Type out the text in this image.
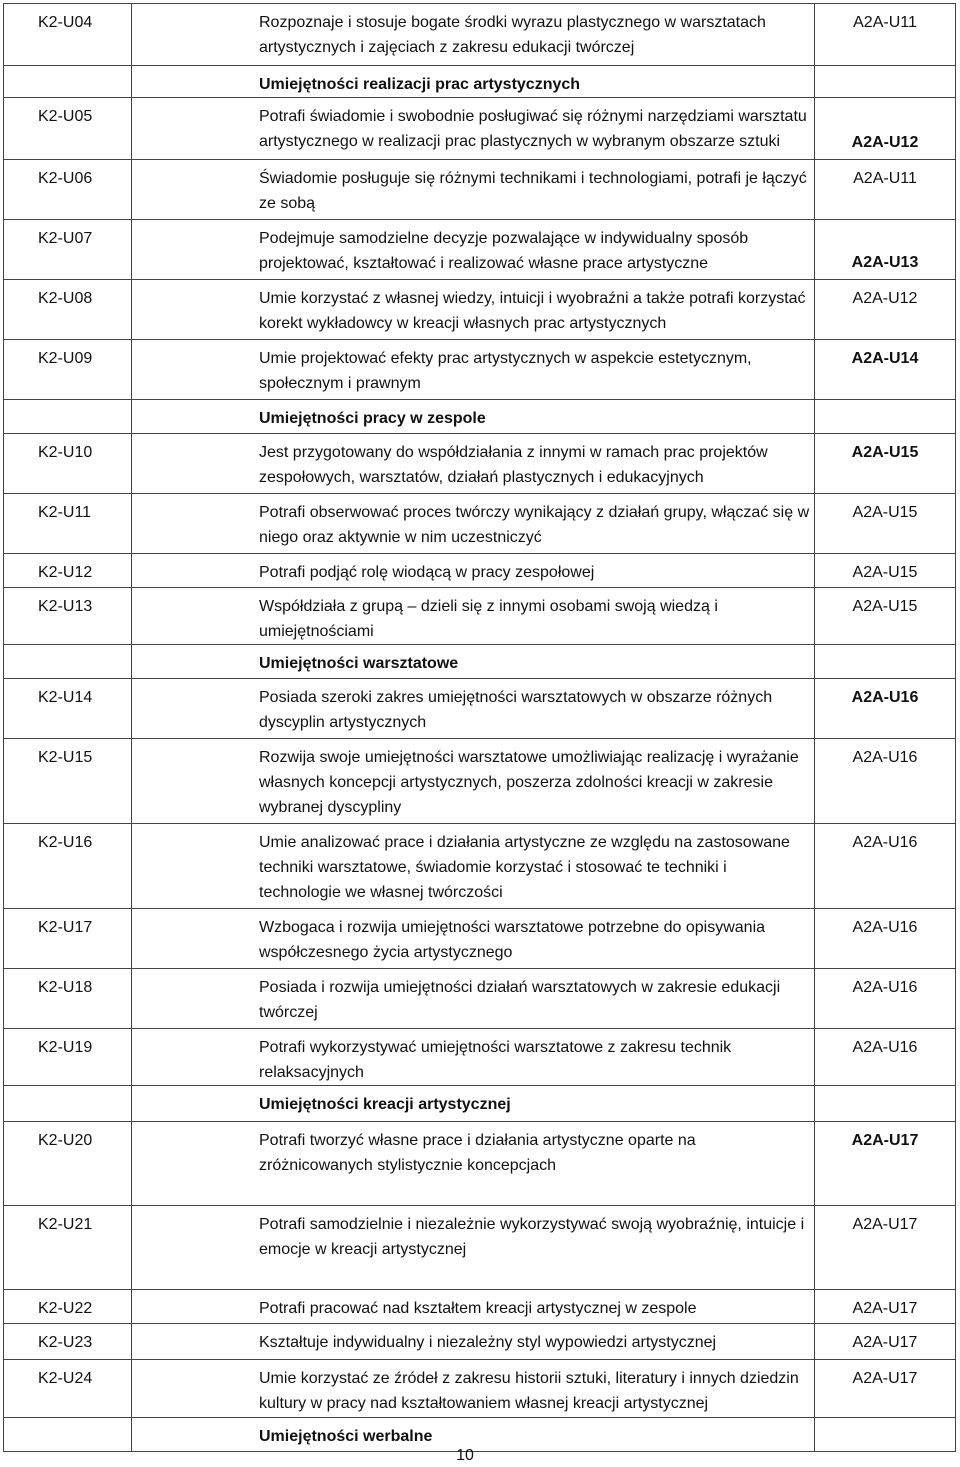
K2-U04	Rozpoznaje i stosuje bogate środki wyrazu plastycznego w warsztatach artystycznych i zajęciach z zakresu edukacji twórczej	A2A-U11
	Umiejętności realizacji prac artystycznych	
K2-U05	Potrafi świadomie i swobodnie posługiwać się różnymi narzędziami warsztatu artystycznego w realizacji prac plastycznych w wybranym obszarze sztuki	A2A-U12
K2-U06	Świadomie posługuje się różnymi technikami i technologiami, potrafi je łączyć ze sobą	A2A-U11
K2-U07	Podejmuje samodzielne decyzje pozwalające w indywidualny sposób projektować, kształtować i realizować własne prace artystyczne	A2A-U13
K2-U08	Umie korzystać z własnej wiedzy, intuicji i wyobraźni a także potrafi korzystać korekt wykładowcy w kreacji własnych prac artystycznych	A2A-U12
K2-U09	Umie projektować efekty prac artystycznych w aspekcie estetycznym, społecznym i prawnym	A2A-U14
	Umiejętności pracy w zespole	
K2-U10	Jest przygotowany do współdziałania z innymi w ramach prac projektów zespołowych, warsztatów, działań plastycznych i edukacyjnych	A2A-U15
K2-U11	Potrafi obserwować proces twórczy wynikający z działań grupy, włączać się w niego oraz aktywnie w nim uczestniczyć	A2A-U15
K2-U12	Potrafi podjąć rolę wiodącą w pracy zespołowej	A2A-U15
K2-U13	Współdziała z grupą – dzieli się z innymi osobami swoją wiedzą i umiejętnościami	A2A-U15
	Umiejętności warsztatowe	
K2-U14	Posiada szeroki zakres umiejętności warsztatowych w obszarze różnych dyscyplin artystycznych	A2A-U16
K2-U15	Rozwija swoje umiejętności warsztatowe umożliwiając realizację i wyrażanie własnych koncepcji artystycznych, poszerza zdolności kreacji w zakresie wybranej dyscypliny	A2A-U16
K2-U16	Umie analizować prace i działania artystyczne ze względu na zastosowane techniki warsztatowe, świadomie korzystać i stosować te techniki i technologie we własnej twórczości	A2A-U16
K2-U17	Wzbogaca i rozwija umiejętności warsztatowe potrzebne do opisywania współczesnego życia artystycznego	A2A-U16
K2-U18	Posiada i rozwija umiejętności działań warsztatowych w zakresie edukacji twórczej	A2A-U16
K2-U19	Potrafi wykorzystywać umiejętności warsztatowe z zakresu technik relaksacyjnych	A2A-U16
	Umiejętności kreacji artystycznej	
K2-U20	Potrafi tworzyć własne prace i działania artystyczne oparte na zróżnicowanych stylistycznie koncepcjach	A2A-U17
K2-U21	Potrafi samodzielnie i niezależnie wykorzystywać swoją wyobraźnię, intuicje i emocje w kreacji artystycznej	A2A-U17
K2-U22	Potrafi pracować nad kształtem kreacji artystycznej w zespole	A2A-U17
K2-U23	Kształtuje indywidualny i niezależny styl wypowiedzi artystycznej	A2A-U17
K2-U24	Umie korzystać ze źródeł z zakresu historii sztuki, literatury i innych dziedzin kultury w pracy nad kształtowaniem własnej kreacji artystycznej	A2A-U17
	Umiejętności werbalne	
10
